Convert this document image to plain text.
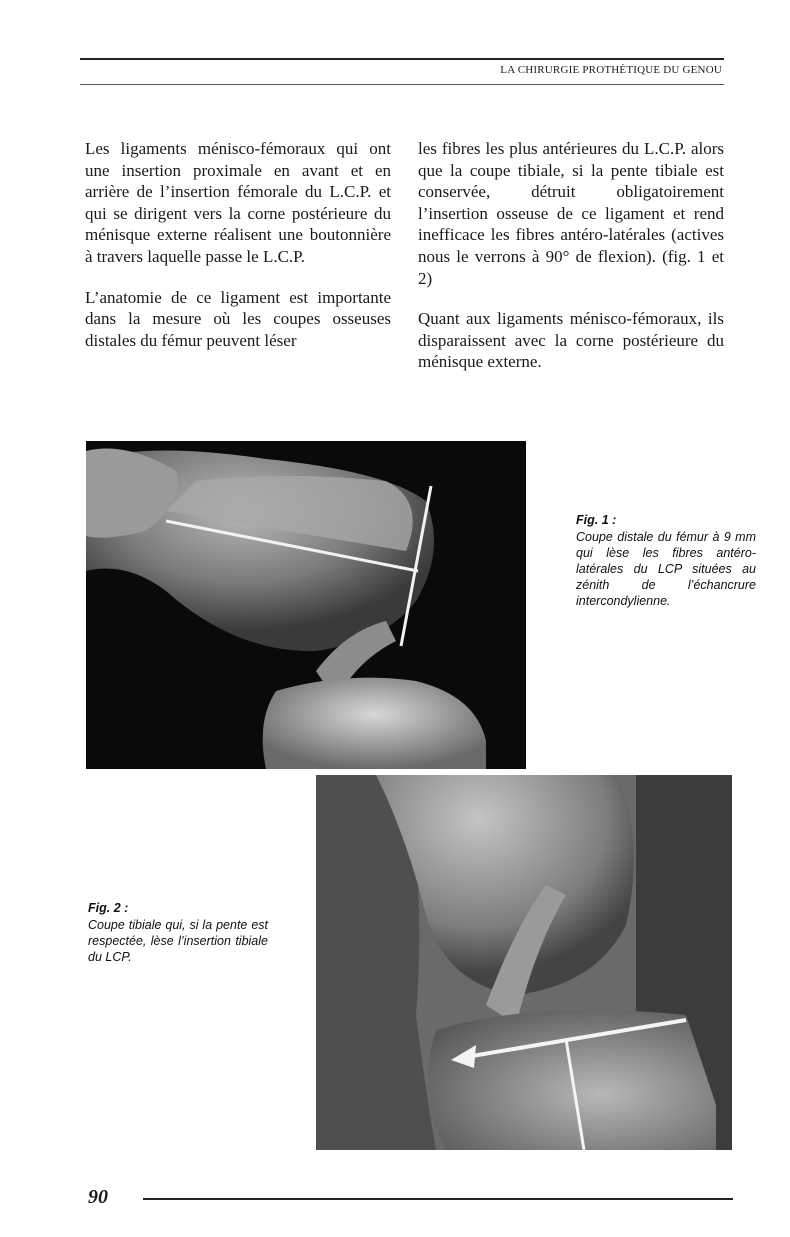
LA CHIRURGIE PROTHÉTIQUE DU GENOU

Les ligaments ménisco-fémoraux qui ont une insertion proximale en avant et en arrière de l’insertion fémorale du L.C.P. et qui se dirigent vers la corne postérieure du ménisque externe réalisent une boutonnière à travers laquelle passe le L.C.P.

L’anatomie de ce ligament est importante dans la mesure où les coupes osseuses distales du fémur peuvent léser

les fibres les plus antérieures du L.C.P. alors que la coupe tibiale, si la pente tibiale est conservée, détruit obligatoirement l’insertion osseuse de ce ligament et rend inefficace les fibres antéro-latérales (actives nous le verrons à 90° de flexion). (fig. 1 et 2)

Quant aux ligaments ménisco-fémoraux, ils disparaissent avec la corne postérieure du ménisque externe.

Fig. 1 :
Coupe distale du fémur à 9 mm qui lèse les fibres antéro-latérales du LCP situées au zénith de l’échancrure intercondylienne.
Fig. 2 :
Coupe tibiale qui, si la pente est respectée, lèse l’insertion tibiale du LCP.
90
